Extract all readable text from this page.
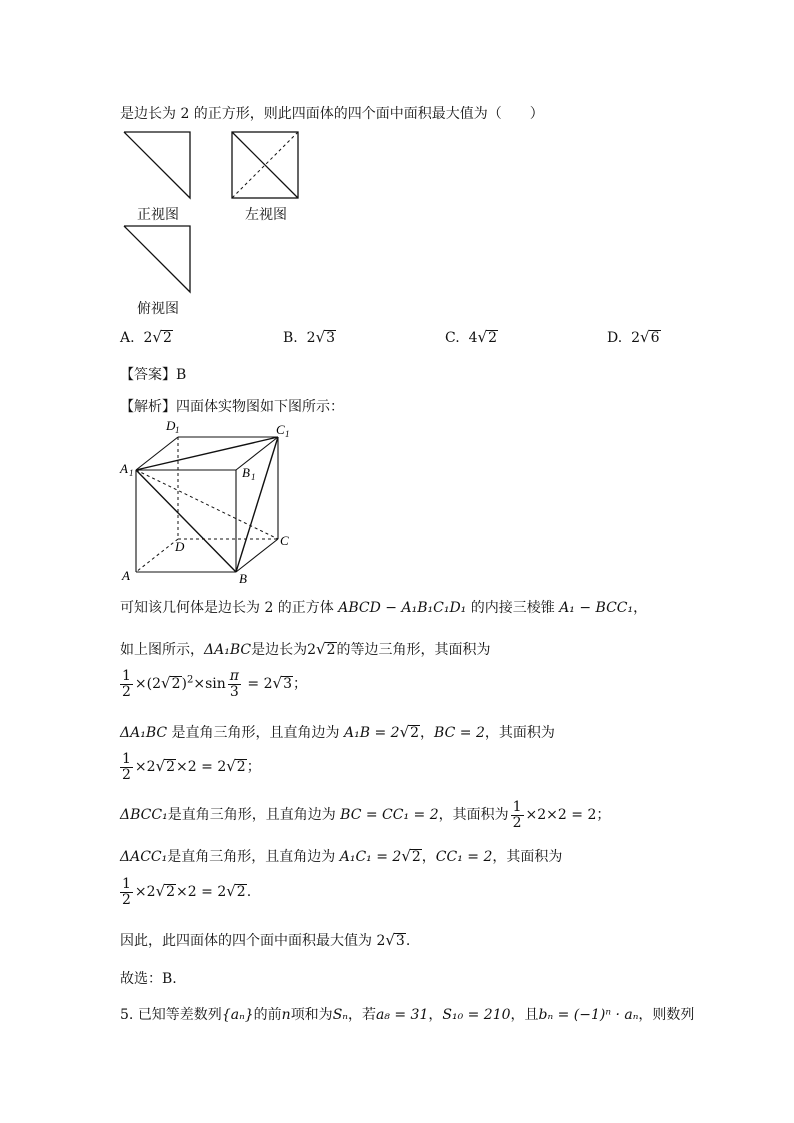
是边长为 2 的正方形，则此四面体的四个面中面积最大值为（　　）
正视图	左视图
俯视图
A. 2√2	B. 2√3	C. 4√2	D. 2√6
【答案】B
【解析】四面体实物图如下图所示：
D 1	C 1
A 1	B 1
D	C
A	B
可知该几何体是边长为 2 的正方体 ABCD − A₁B₁C₁D₁ 的内接三棱锥 A₁ − BCC₁，
如上图所示，ΔA₁BC是边长为2√2的等边三角形，其面积为
$\frac{1}{2} \times(2√2)^2\times\sin \frac{\pi}{3} = 2√3$；
ΔA₁BC 是直角三角形，且直角边为 A₁B = 2√2，BC = 2，其面积为
$\frac{1}{2} \times 2√2\times 2 = 2√2$；
ΔBCC₁是直角三角形，且直角边为 BC = CC₁ = 2，其面积为 $\frac{1}{2} \times 2\times 2 = 2$；
ΔACC₁是直角三角形，且直角边为 A₁C₁ = 2√2，CC₁ = 2，其面积为
$\frac{1}{2} \times 2√2\times 2 = 2√2$.
因此，此四面体的四个面中面积最大值为 2√3.
故选：B.
5. 已知等差数列{aₙ}的前n项和为Sₙ，若a₈ = 31，S₁₀ = 210，且bₙ = (−1)ⁿ · aₙ，则数列
